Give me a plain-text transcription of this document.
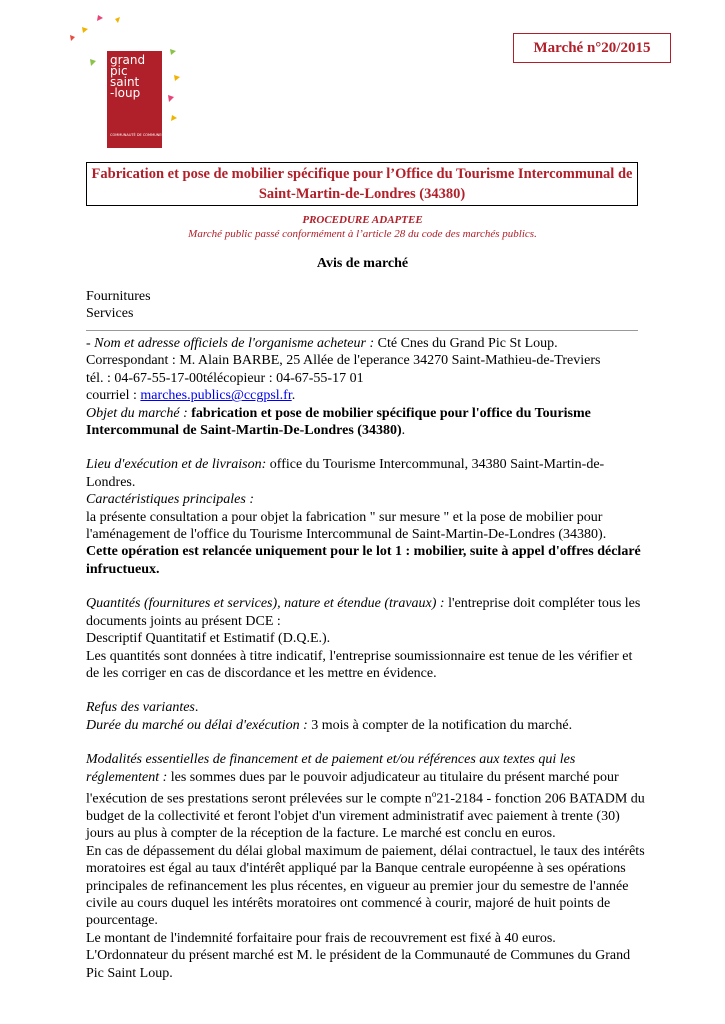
grand
pic
saint
-loup
COMMUNAUTÉ DE COMMUNES
Marché n°20/2015
Fabrication et pose de mobilier spécifique pour l’Office du Tourisme Intercommunal de
Saint-Martin-de-Londres (34380)
PROCEDURE ADAPTEE
Marché public passé conformément à l’article 28 du code des marchés publics.
Avis de marché

Fournitures

Services

- Nom et adresse officiels de l'organisme acheteur : Cté Cnes du Grand Pic St Loup.

Correspondant : M. Alain BARBE, 25 Allée de l'eperance 34270 Saint-Mathieu-de-Treviers

tél. : 04-67-55-17-00télécopieur : 04-67-55-17 01

courriel : marches.publics@ccgpsl.fr.

Objet du marché : fabrication et pose de mobilier spécifique pour l'office du Tourisme Intercommunal de Saint-Martin-De-Londres (34380).

Lieu d'exécution et de livraison: office du Tourisme Intercommunal, 34380 Saint-Martin-de-Londres.

Caractéristiques principales :

la présente consultation a pour objet la fabrication " sur mesure " et la pose de mobilier pour l'aménagement de l'office du Tourisme Intercommunal de Saint-Martin-De-Londres (34380).

Cette opération est relancée uniquement pour le lot 1 : mobilier, suite à appel d'offres déclaré infructueux.

Quantités (fournitures et services), nature et étendue (travaux) : l'entreprise doit compléter tous les documents joints au présent DCE :

Descriptif Quantitatif et Estimatif (D.Q.E.).

Les quantités sont données à titre indicatif, l'entreprise soumissionnaire est tenue de les vérifier et de les corriger en cas de discordance et les mettre en évidence.

Refus des variantes.

Durée du marché ou délai d'exécution : 3 mois à compter de la notification du marché.

Modalités essentielles de financement et de paiement et/ou références aux textes qui les réglementent : les sommes dues par le pouvoir adjudicateur au titulaire du présent marché pour l'exécution de ses prestations seront prélevées sur le compte $n^o21-2184$ - fonction 206 BATADM du budget de la collectivité et feront l'objet d'un virement administratif avec paiement à trente (30) jours au plus à compter de la réception de la facture. Le marché est conclu en euros.

En cas de dépassement du délai global maximum de paiement, délai contractuel, le taux des intérêts moratoires est égal au taux d'intérêt appliqué par la Banque centrale européenne à ses opérations principales de refinancement les plus récentes, en vigueur au premier jour du semestre de l'année civile au cours duquel les intérêts moratoires ont commencé à courir, majoré de huit points de pourcentage.

Le montant de l'indemnité forfaitaire pour frais de recouvrement est fixé à 40 euros.

L'Ordonnateur du présent marché est M. le président de la Communauté de Communes du Grand Pic Saint Loup.
